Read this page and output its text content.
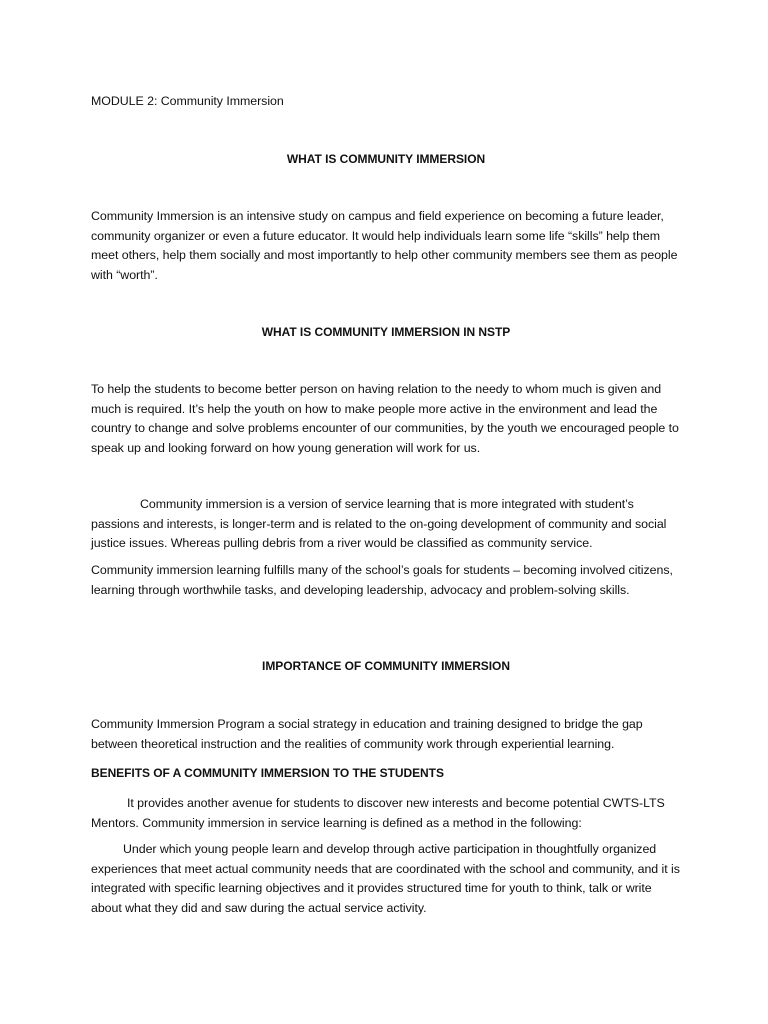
MODULE 2: Community Immersion

WHAT IS COMMUNITY IMMERSION

Community Immersion is an intensive study on campus and field experience on becoming a future leader, community organizer or even a future educator. It would help individuals learn some life “skills” help them meet others, help them socially and most importantly to help other community members see them as people with “worth”.

WHAT IS COMMUNITY IMMERSION IN NSTP

To help the students to become better person on having relation to the needy to whom much is given and much is required. It’s help the youth on how to make people more active in the environment and lead the country to change and solve problems encounter of our communities, by the youth we encouraged people to speak up and looking forward on how young generation will work for us.

Community immersion is a version of service learning that is more integrated with student’s passions and interests, is longer-term and is related to the on-going development of community and social justice issues. Whereas pulling debris from a river would be classified as community service.

Community immersion learning fulfills many of the school’s goals for students – becoming involved citizens, learning through worthwhile tasks, and developing leadership, advocacy and problem-solving skills.

IMPORTANCE OF COMMUNITY IMMERSION

Community Immersion Program a social strategy in education and training designed to bridge the gap between theoretical instruction and the realities of community work through experiential learning.

BENEFITS OF A COMMUNITY IMMERSION TO THE STUDENTS

It provides another avenue for students to discover new interests and become potential CWTS-LTS Mentors. Community immersion in service learning is defined as a method in the following:

Under which young people learn and develop through active participation in thoughtfully organized experiences that meet actual community needs that are coordinated with the school and community, and it is integrated with specific learning objectives and it provides structured time for youth to think, talk or write about what they did and saw during the actual service activity.
